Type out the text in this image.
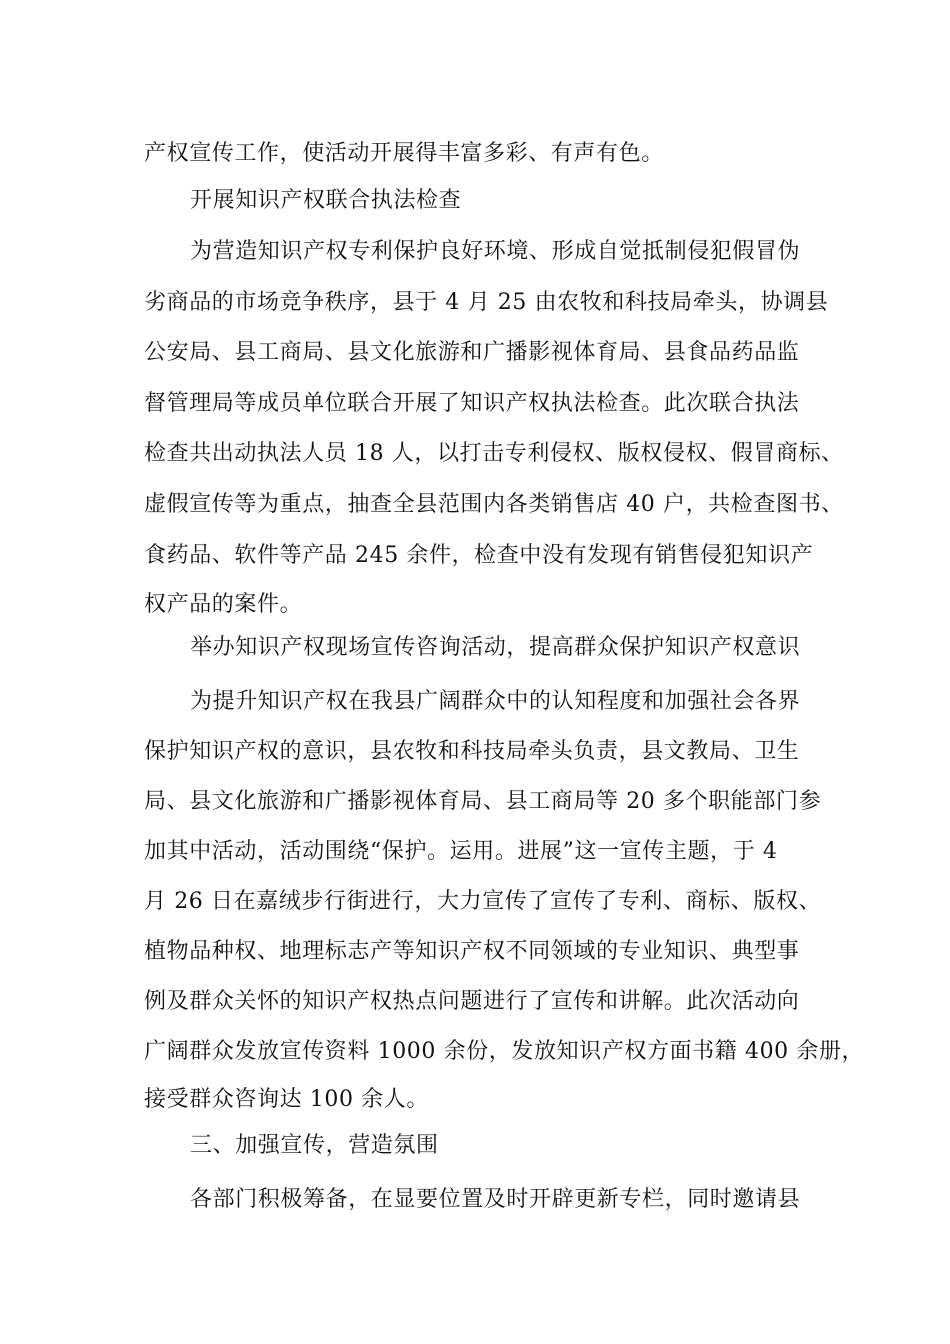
产权宣传工作，使活动开展得丰富多彩、有声有色。
开展知识产权联合执法检查
为营造知识产权专利保护良好环境、形成自觉抵制侵犯假冒伪
劣商品的市场竞争秩序，县于 4 月 25 由农牧和科技局牵头，协调县
公安局、县工商局、县文化旅游和广播影视体育局、县食品药品监
督管理局等成员单位联合开展了知识产权执法检查。此次联合执法
检查共出动执法人员 18 人，以打击专利侵权、版权侵权、假冒商标、
虚假宣传等为重点，抽查全县范围内各类销售店 40 户，共检查图书、
食药品、软件等产品 245 余件，检查中没有发现有销售侵犯知识产
权产品的案件。
举办知识产权现场宣传咨询活动，提高群众保护知识产权意识
为提升知识产权在我县广阔群众中的认知程度和加强社会各界
保护知识产权的意识，县农牧和科技局牵头负责，县文教局、卫生
局、县文化旅游和广播影视体育局、县工商局等 20 多个职能部门参
加其中活动，活动围绕“保护。运用。进展”这一宣传主题，于 4
月 26 日在嘉绒步行街进行，大力宣传了宣传了专利、商标、版权、
植物品种权、地理标志产等知识产权不同领域的专业知识、典型事
例及群众关怀的知识产权热点问题进行了宣传和讲解。此次活动向
广阔群众发放宣传资料 1000 余份，发放知识产权方面书籍 400 余册，
接受群众咨询达 100 余人。
三、加强宣传，营造氛围
各部门积极筹备，在显要位置及时开辟更新专栏，同时邀请县
